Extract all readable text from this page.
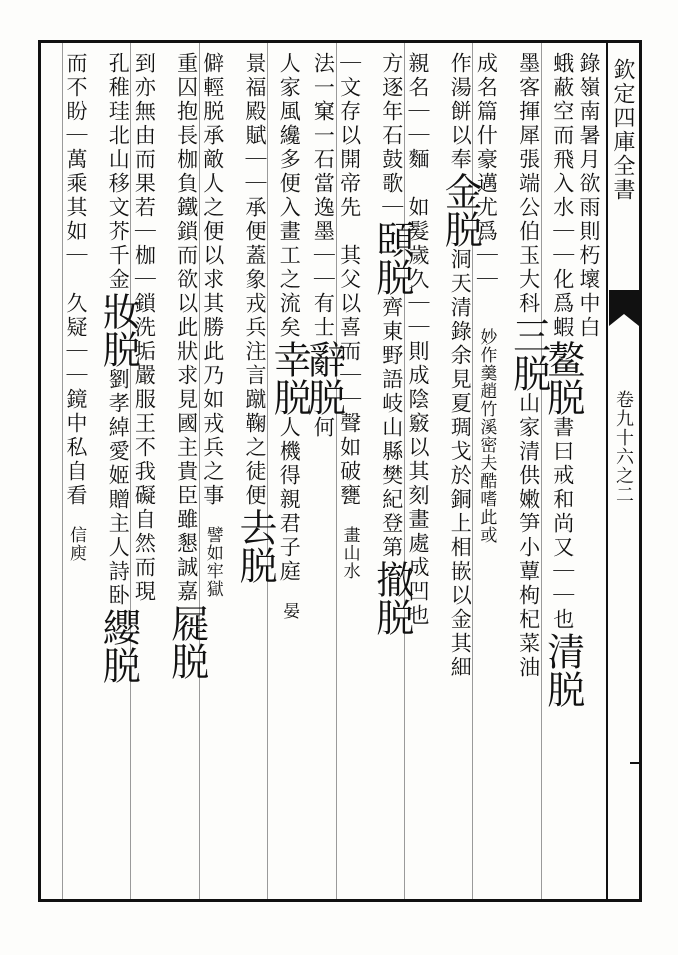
欽定四庫全書
卷九十六之二
錄嶺南暑月欲雨則朽壞中白
蛾蔽空而飛入水｜｜化爲蝦鳌脱書曰戒和尚又｜｜也清脱
墨客揮犀張端公伯玉大科三脱山家清供嫩笋小蕈枸杞菜油
成名篇什豪邁尤爲｜｜　　妙作羹趙竹溪密夫酷嗜此或
作湯餅以奉金脱洞天清錄余見夏琱戈於銅上相嵌以金其細
親名｜｜麵　如髮歲久｜｜則成陰竅以其刻畫處成凹也
方逐年石鼓歌｜頣脱齊東野語岐山縣樊紀登第撤脱
｜文存以開帝先　其父以喜而｜｜聲如破甕　畫山水
法一窠一石當逸墨｜｜有士辭脱何
人家風纔多便入畫工之流矣幸脱人機得親君子庭　晏
景福殿賦｜｜承便蓋象戎兵注言蹴鞠之徒便去脱
僻輕脱承敵人之便以求其勝此乃如戎兵之事　譬如牢獄
重囚抱長枷負鐵鎖而欲以此狀求見國主貴臣雖懇誠嘉屣脱
到亦無由而果若｜枷｜鎖洗垢嚴服王不我礙自然而現
孔稚珪北山移文芥千金妝脱劉孝綽愛姬贈主人詩卧纓脱
而不盼｜萬乘其如｜　久疑｜｜鏡中私自看　信庾
